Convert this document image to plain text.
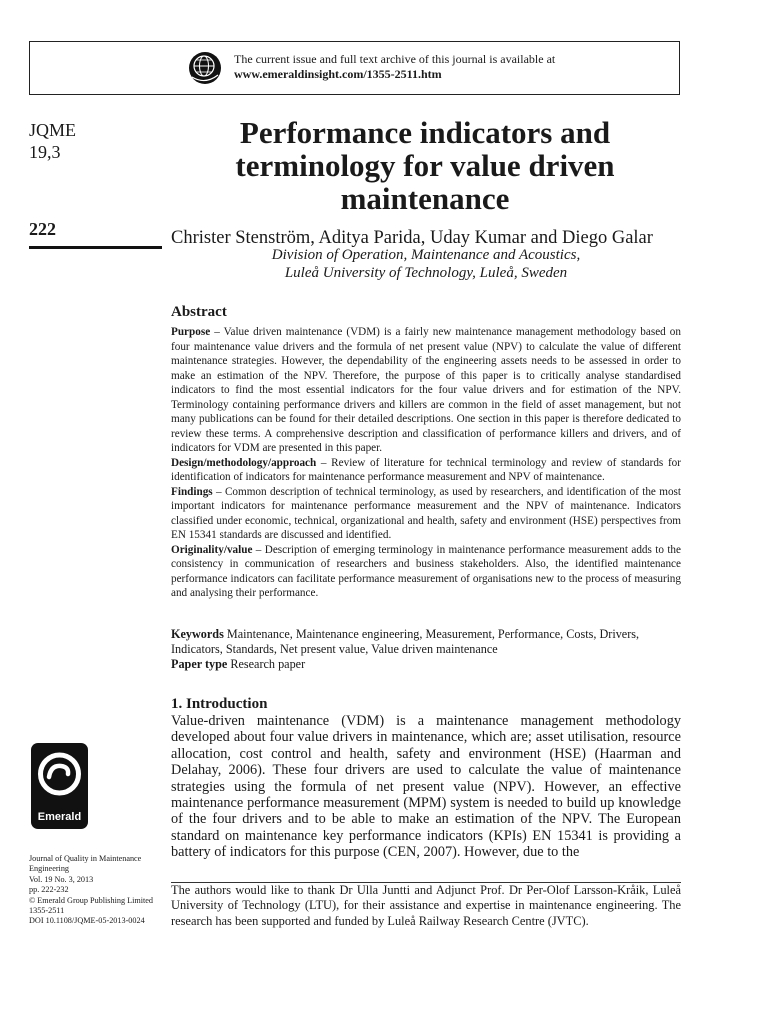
The current issue and full text archive of this journal is available at
www.emeraldinsight.com/1355-2511.htm
JQME
19,3
222
Performance indicators and terminology for value driven maintenance
Christer Stenström, Aditya Parida, Uday Kumar and Diego Galar
Division of Operation, Maintenance and Acoustics,
Luleå University of Technology, Luleå, Sweden
Abstract

Purpose – Value driven maintenance (VDM) is a fairly new maintenance management methodology based on four maintenance value drivers and the formula of net present value (NPV) to calculate the value of different maintenance strategies. However, the dependability of the engineering assets needs to be assessed in order to make an estimation of the NPV. Therefore, the purpose of this paper is to critically analyse standardised indicators to find the most essential indicators for the four value drivers and for estimation of the NPV. Terminology containing performance drivers and killers are common in the field of asset management, but not many publications can be found for their detailed descriptions. One section in this paper is therefore dedicated to review these terms. A comprehensive description and classification of performance killers and drivers, and of indicators for VDM are presented in this paper.

Design/methodology/approach – Review of literature for technical terminology and review of standards for identification of indicators for maintenance performance measurement and NPV of maintenance.

Findings – Common description of technical terminology, as used by researchers, and identification of the most important indicators for maintenance performance measurement and the NPV of maintenance. Indicators classified under economic, technical, organizational and health, safety and environment (HSE) perspectives from EN 15341 standards are discussed and identified.

Originality/value – Description of emerging terminology in maintenance performance measurement adds to the consistency in communication of researchers and business stakeholders. Also, the identified maintenance performance indicators can facilitate performance measurement of organisations new to the process of measuring and analysing their performance.

Keywords Maintenance, Maintenance engineering, Measurement, Performance, Costs, Drivers, Indicators, Standards, Net present value, Value driven maintenance

Paper type Research paper
1. Introduction
Value-driven maintenance (VDM) is a maintenance management methodology developed about four value drivers in maintenance, which are; asset utilisation, resource allocation, cost control and health, safety and environment (HSE) (Haarman and Delahay, 2006). These four drivers are used to calculate the value of maintenance strategies using the formula of net present value (NPV). However, an effective maintenance performance measurement (MPM) system is needed to build up knowledge of the four drivers and to be able to make an estimation of the NPV. The European standard on maintenance key performance indicators (KPIs) EN 15341 is providing a battery of indicators for this purpose (CEN, 2007). However, due to the
The authors would like to thank Dr Ulla Juntti and Adjunct Prof. Dr Per-Olof Larsson-Kråik, Luleå University of Technology (LTU), for their assistance and expertise in maintenance engineering. The research has been supported and funded by Luleå Railway Research Centre (JVTC).
Emerald
Journal of Quality in Maintenance
Engineering
Vol. 19 No. 3, 2013
pp. 222-232
© Emerald Group Publishing Limited
1355-2511
DOI 10.1108/JQME-05-2013-0024
